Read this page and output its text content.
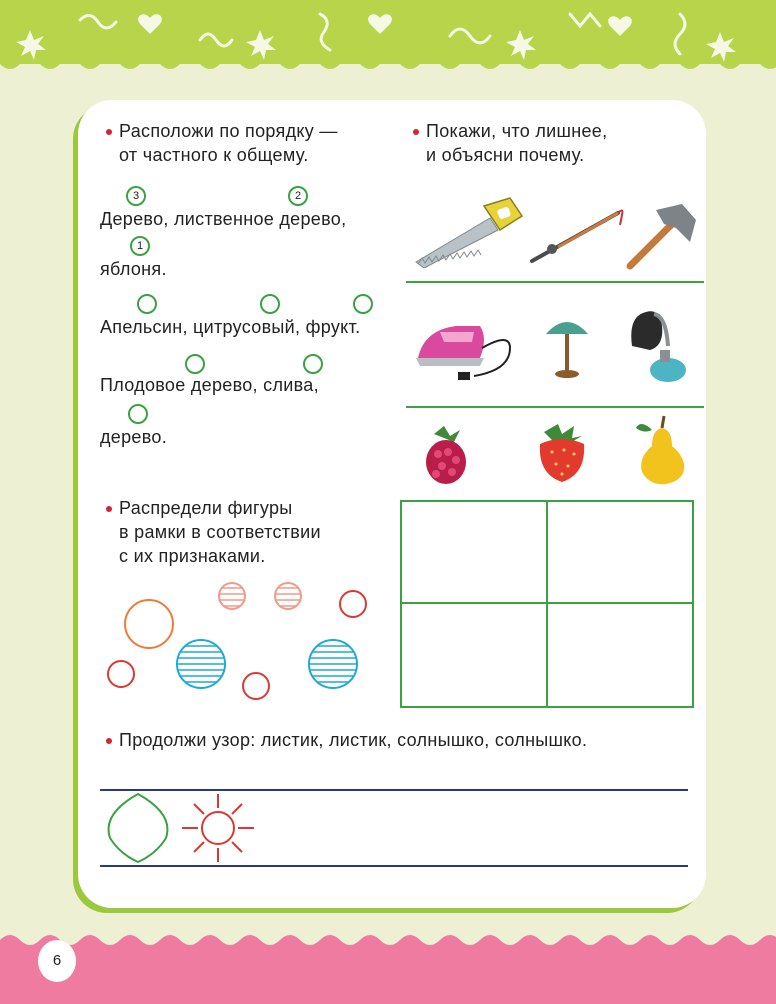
6
Расположи по порядку —
от частного к общему.
3	2
Дерево, лиственное дерево,
1
яблоня.
Апельсин, цитрусовый, фрукт.
Плодовое дерево, слива,
дерево.
Покажи, что лишнее,
и объясни почему.
Распредели фигуры
в рамки в соответствии
с их признаками.
Продолжи узор: листик, листик, солнышко, солнышко.
